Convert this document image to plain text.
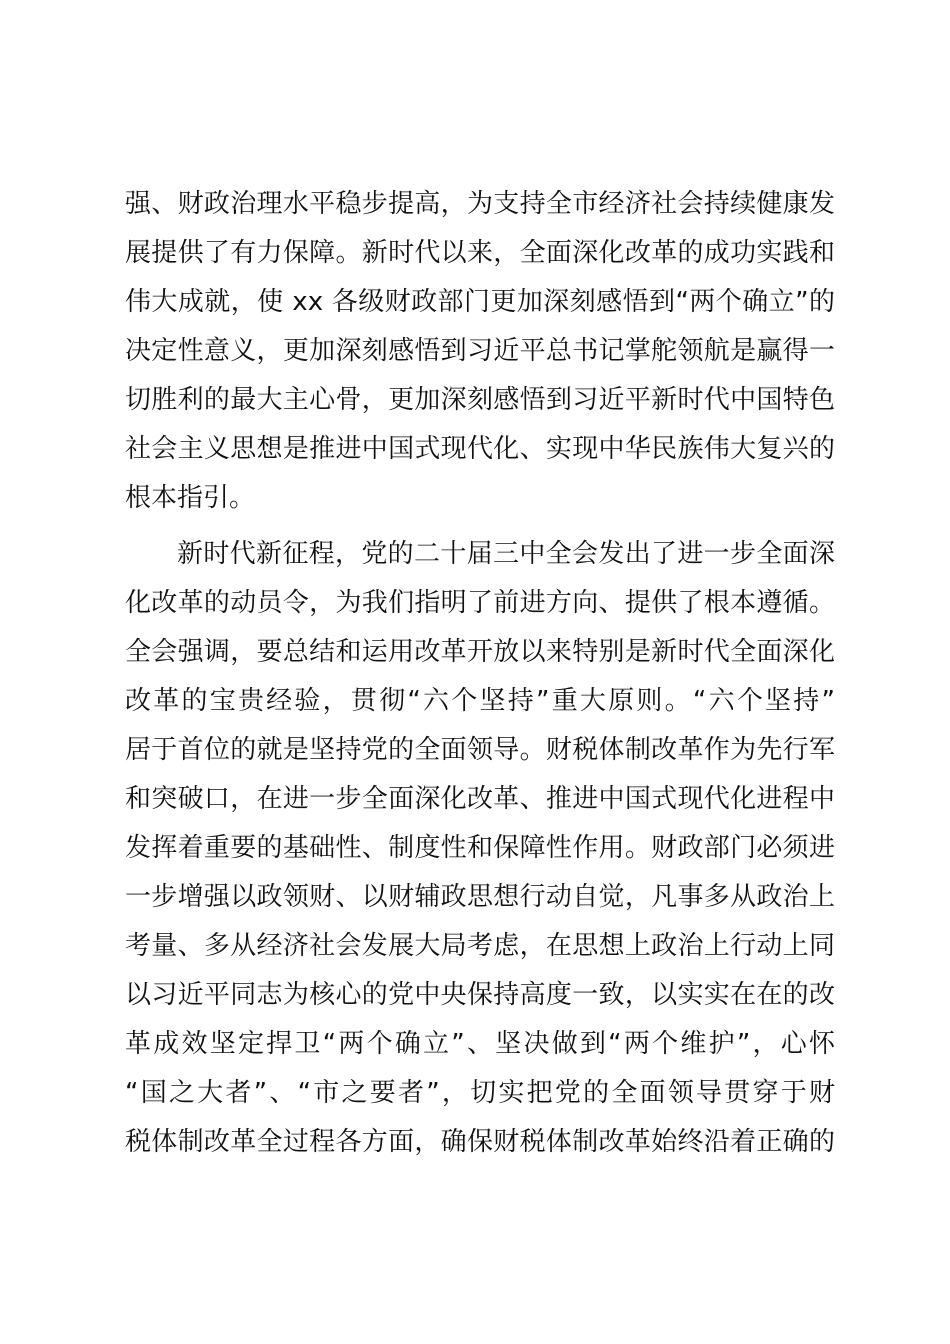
强、财政治理水平稳步提高，为支持全市经济社会持续健康发
展提供了有力保障。新时代以来，全面深化改革的成功实践和
伟大成就，使 xx 各级财政部门更加深刻感悟到“两个确立”的
决定性意义，更加深刻感悟到习近平总书记掌舵领航是赢得一
切胜利的最大主心骨，更加深刻感悟到习近平新时代中国特色
社会主义思想是推进中国式现代化、实现中华民族伟大复兴的
根本指引。
新时代新征程，党的二十届三中全会发出了进一步全面深
化改革的动员令，为我们指明了前进方向、提供了根本遵循。
全会强调，要总结和运用改革开放以来特别是新时代全面深化
改革的宝贵经验，贯彻“六个坚持”重大原则。“六个坚持”
居于首位的就是坚持党的全面领导。财税体制改革作为先行军
和突破口，在进一步全面深化改革、推进中国式现代化进程中
发挥着重要的基础性、制度性和保障性作用。财政部门必须进
一步增强以政领财、以财辅政思想行动自觉，凡事多从政治上
考量、多从经济社会发展大局考虑，在思想上政治上行动上同
以习近平同志为核心的党中央保持高度一致，以实实在在的改
革成效坚定捍卫“两个确立”、坚决做到“两个维护”，心怀
“国之大者”、“市之要者”，切实把党的全面领导贯穿于财
税体制改革全过程各方面，确保财税体制改革始终沿着正确的
